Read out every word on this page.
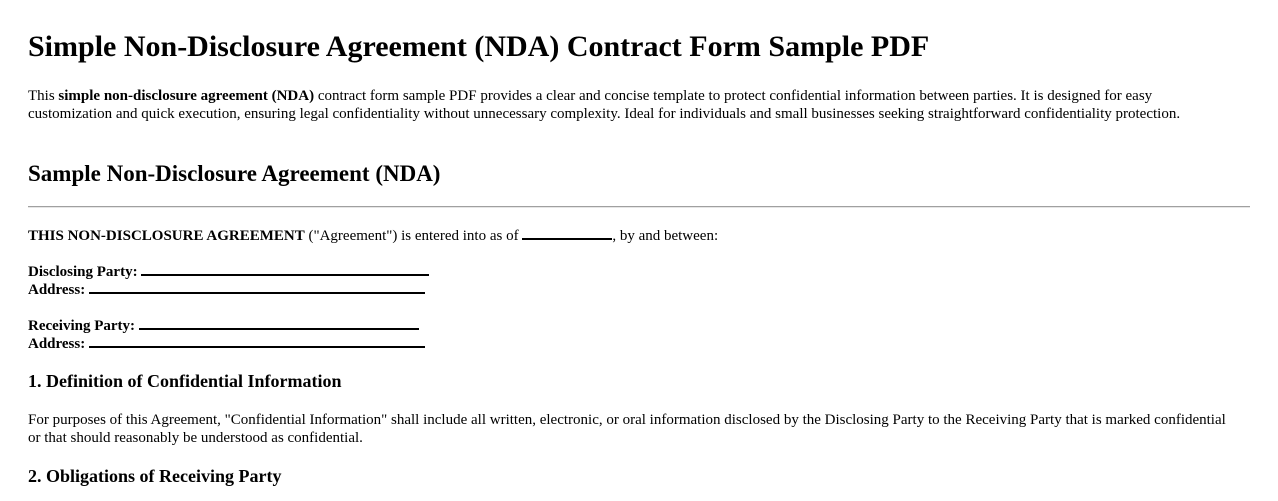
Simple Non-Disclosure Agreement (NDA) Contract Form Sample PDF

This simple non-disclosure agreement (NDA) contract form sample PDF provides a clear and concise template to protect confidential information between parties. It is designed for easy customization and quick execution, ensuring legal confidentiality without unnecessary complexity. Ideal for individuals and small businesses seeking straightforward confidentiality protection.

Sample Non-Disclosure Agreement (NDA)
THIS NON-DISCLOSURE AGREEMENT ("Agreement") is entered into as of	, by and between:
Disclosing Party:
Address:
Receiving Party:
Address:
1. Definition of Confidential Information

For purposes of this Agreement, "Confidential Information" shall include all written, electronic, or oral information disclosed by the Disclosing Party to the Receiving Party that is marked confidential or that should reasonably be understood as confidential.

2. Obligations of Receiving Party
